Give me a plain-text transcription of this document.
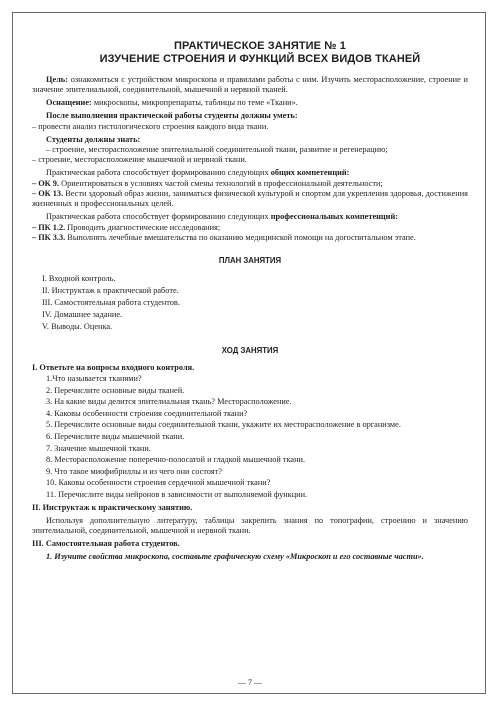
ПРАКТИЧЕСКОЕ ЗАНЯТИЕ № 1
ИЗУЧЕНИЕ СТРОЕНИЯ И ФУНКЦИЙ ВСЕХ ВИДОВ ТКАНЕЙ
Цель: ознакомиться с устройством микроскопа и правилами работы с ним. Изучить месторасположение, строение и значение эпителиальной, соединительной, мышечной и нервной тканей.
Оснащение: микроскопы, микропрепараты, таблицы по теме «Ткани».
После выполнения практической работы студенты должны уметь:
– провести анализ гистологического строения каждого вида ткани.
Студенты должны знать:
– строение, месторасположение эпителиальной соединительной ткани, развитие и регенерацию;
– строение, месторасположение мышечной и нервной ткани.
Практическая работа способствует формированию следующих общих компетенций:
– ОК 9. Ориентироваться в условиях частой смены технологий в профессиональной деятельности;
– ОК 13. Вести здоровый образ жизни, заниматься физической культурой и спортом для укрепления здоровья, достижения жизненных и профессиональных целей.
Практическая работа способствует формированию следующих профессиональных компетенций:
– ПК 1.2. Проводить диагностические исследования;
– ПК 3.3. Выполнять лечебные вмешательства по оказанию медицинской помощи на догоспитальном этапе.
ПЛАН ЗАНЯТИЯ
I. Входной контроль.
II. Инструктаж к практической работе.
III. Самостоятельная работа студентов.
IV. Домашнее задание.
V. Выводы. Оценка.
ХОД ЗАНЯТИЯ
I. Ответьте на вопросы входного контроля.
1.Что называется тканями?
2. Перечислите основные виды тканей.
3. На какие виды делится эпителиальная ткань? Месторасположение.
4. Каковы особенности строения соединительной ткани?
5. Перечислите основные виды соединительной ткани, укажите их месторасположение в организме.
6. Перечислите виды мышечной ткани.
7. Значение мышечной ткани.
8. Месторасположение поперечно-полосатой и гладкой мышечной ткани.
9. Что такое миофибриллы и из чего они состоят?
10. Каковы особенности строения сердечной мышечной ткани?
11. Перечислите виды нейронов в зависимости от выполняемой функции.
II. Инструктаж к практическому занятию.
Используя дополнительную литературу, таблицы закрепить знания по топографии, строению и значению эпителиальной, соединительной, мышечной и нервной ткани.
III. Самостоятельная работа студентов.
1. Изучите свойства микроскопа, составьте графическую схему «Микроскоп и его составные части».
— 7 —
